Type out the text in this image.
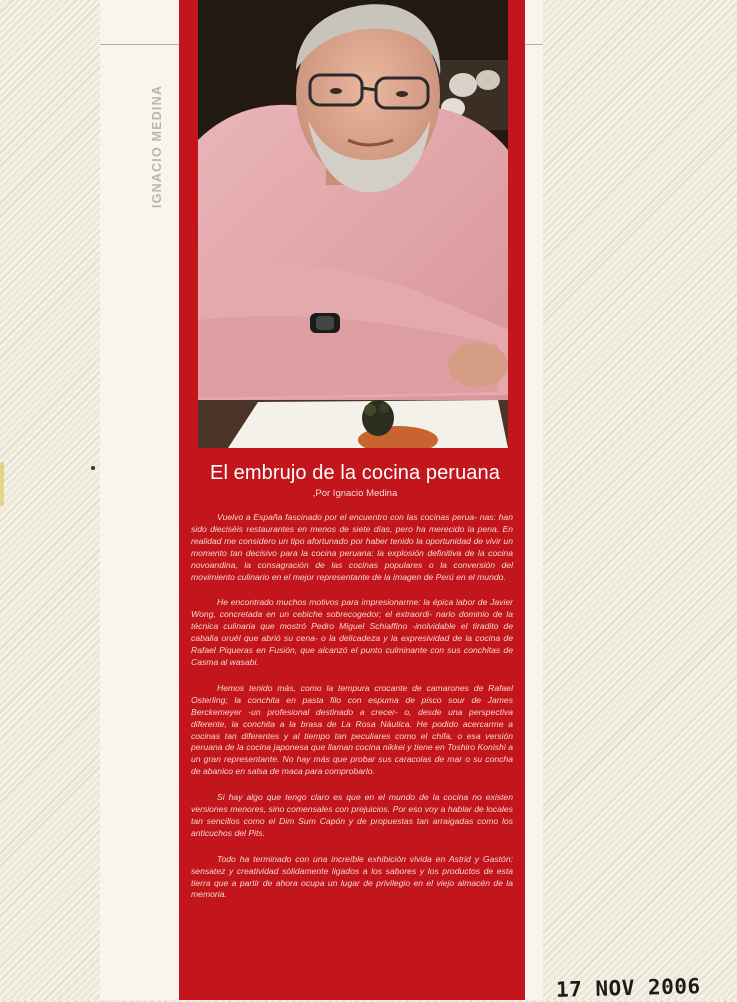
IGNACIO MEDINA
El embrujo de la cocina peruana
,Por Ignacio Medina

Vuelvo a España fascinado por el encuentro con las cocinas perua- nas: han sido dieciséis restaurantes en menos de siete días, pero ha merecido la pena. En realidad me considero un tipo afortunado por haber tenido la oportunidad de vivir un momento tan decisivo para la cocina peruana: la explosión definitiva de la cocina novoandina, la consagración de las cocinas populares o la conversión del movimiento culinario en el mejor representante de la imagen de Perú en el mundo.

He encontrado muchos motivos para impresionarme: la épica labor de Javier Wong, concretada en un cebiche sobrecogedor; el extraordi- nario dominio de la técnica culinaria que mostró Pedro Miguel Schiaffino -inolvidable el tiradito de caballa oruél que abrió su cena- o la delicadeza y la expresividad de la cocina de Rafael Piqueras en Fusión, que alcanzó el punto culminante con sus conchitas de Casma al wasabi.

Hemos tenido más, como la tempura crocante de camarones de Rafael Osterling; la conchita en pasta filo con espuma de pisco sour de James Berckemeyer -un profesional destinado a crecer- o, desde una perspectiva diferente, la conchita a la brasa de La Rosa Náutica. He podido acercarme a cocinas tan diferentes y al tiempo tan peculiares como el chifa, o esa versión peruana de la cocina japonesa que llaman cocina nikkei y tiene en Toshiro Konishi a un gran representante. No hay más que probar sus caracolas de mar o su concha de abanico en salsa de maca para comprobarlo.

Si hay algo que tengo claro es que en el mundo de la cocina no existen versiones menores, sino comensales con prejuicios. Por eso voy a hablar de locales tan sencillos como el Dim Sum Capón y de propuestas tan arraigadas como los anticuchos del Pits.

Todo ha terminado con una increíble exhibición vivida en Astrid y Gastón: sensatez y creatividad sólidamente ligados a los sabores y los productos de esta tierra que a partir de ahora ocupa un lugar de privilegio en el viejo almacén de la memoria.

17 NOV 2006
